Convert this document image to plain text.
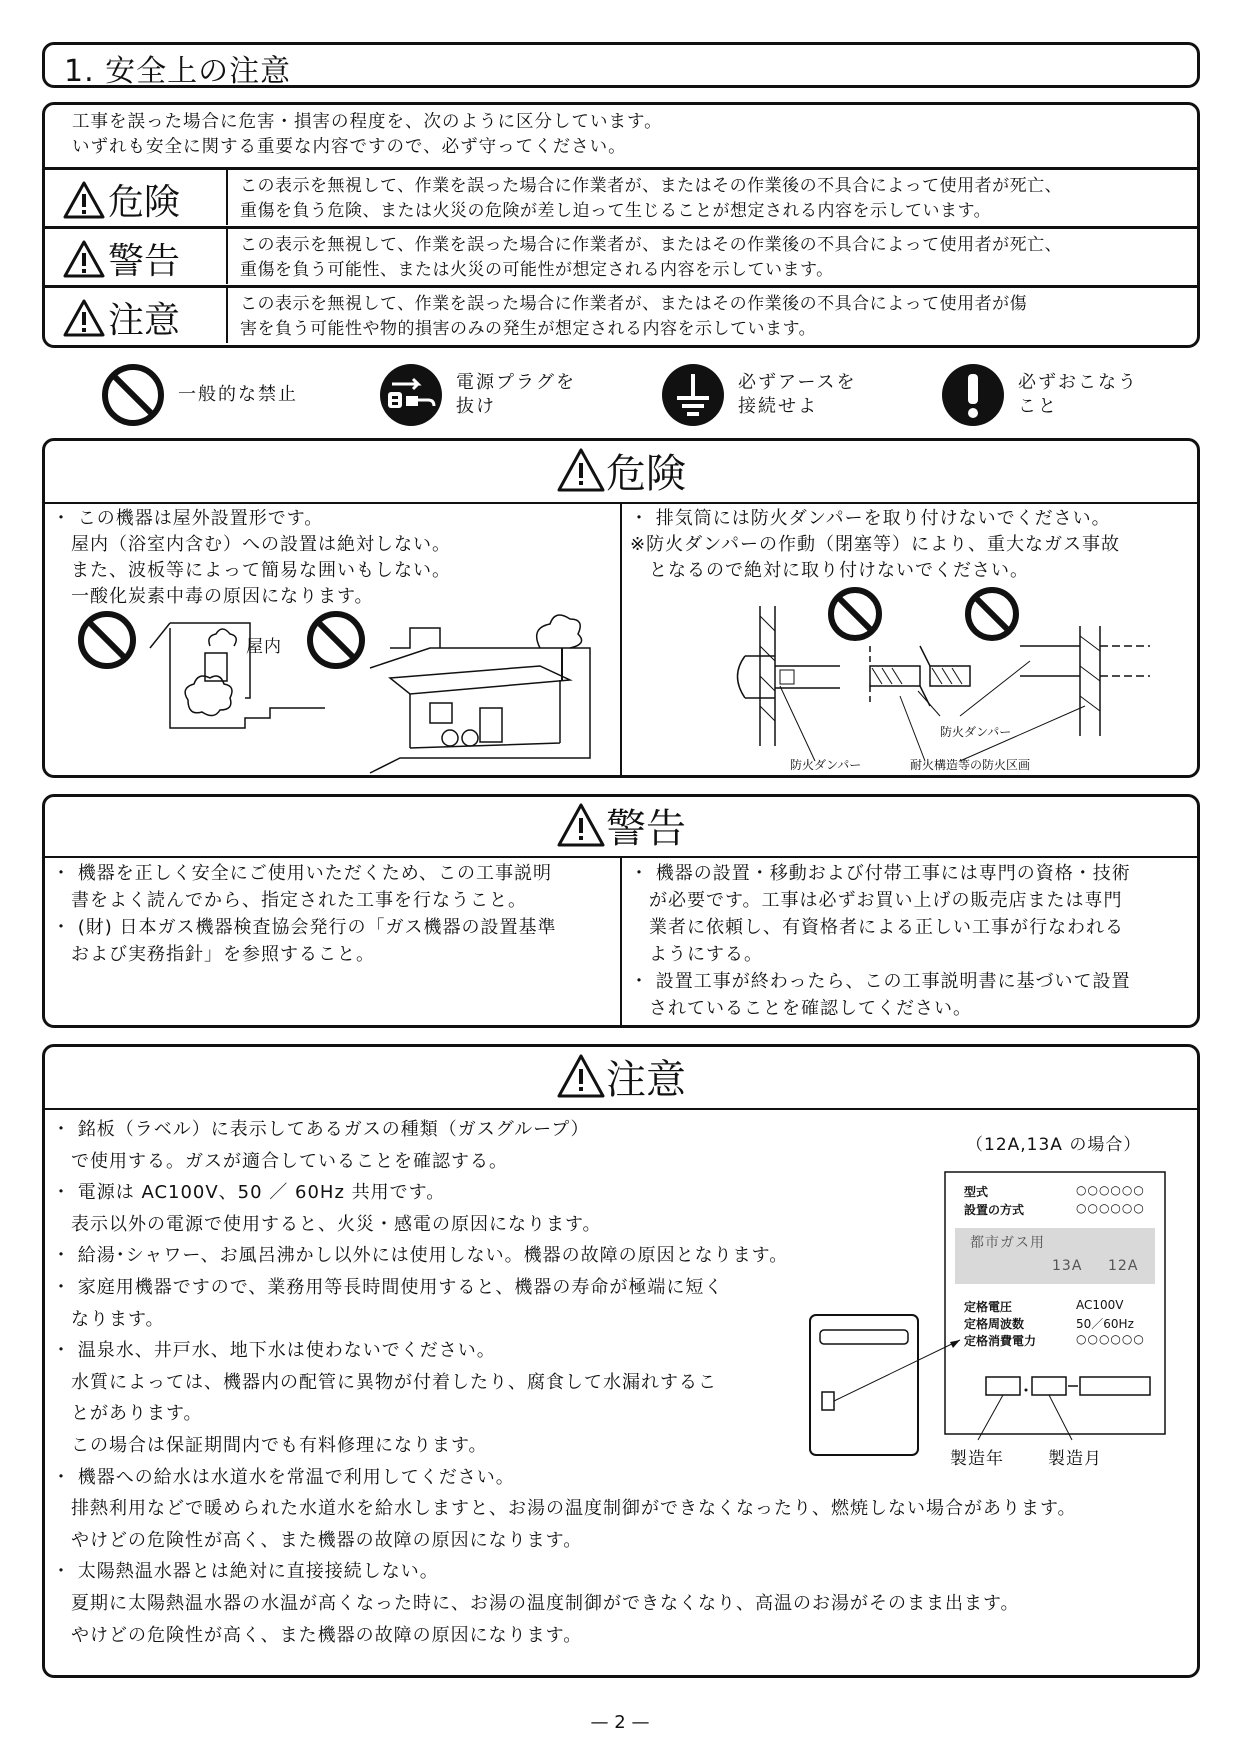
1. 安全上の注意
工事を誤った場合に危害・損害の程度を、次のように区分しています。
いずれも安全に関する重要な内容ですので、必ず守ってください。
危険	この表示を無視して、作業を誤った場合に作業者が、またはその作業後の不具合によって使用者が死亡、
重傷を負う危険、または火災の危険が差し迫って生じることが想定される内容を示しています。
警告	この表示を無視して、作業を誤った場合に作業者が、またはその作業後の不具合によって使用者が死亡、
重傷を負う可能性、または火災の可能性が想定される内容を示しています。
注意	この表示を無視して、作業を誤った場合に作業者が、またはその作業後の不具合によって使用者が傷
害を負う可能性や物的損害のみの発生が想定される内容を示しています。
一般的な禁止
電源プラグを
抜け
必ずアースを
接続せよ
必ずおこなう
こと
危険
・ この機器は屋外設置形です。
　屋内（浴室内含む）への設置は絶対しない。
　また、波板等によって簡易な囲いもしない。
　一酸化炭素中毒の原因になります。
・ 排気筒には防火ダンパーを取り付けないでください。
※防火ダンパーの作動（閉塞等）により、重大なガス事故
　となるので絶対に取り付けないでください。
屋内
防火ダンパー
防火ダンパー	耐火構造等の防火区画
警告
・ 機器を正しく安全にご使用いただくため、この工事説明
　書をよく読んでから、指定された工事を行なうこと。
・ (財) 日本ガス機器検査協会発行の「ガス機器の設置基準
　および実務指針」を参照すること。
・ 機器の設置・移動および付帯工事には専門の資格・技術
　が必要です。工事は必ずお買い上げの販売店または専門
　業者に依頼し、有資格者による正しい工事が行なわれる
　ようにする。
・ 設置工事が終わったら、この工事説明書に基づいて設置
　されていることを確認してください。
注意
・ 銘板（ラベル）に表示してあるガスの種類（ガスグループ）
　で使用する。ガスが適合していることを確認する。
・ 電源は AC100V、50 ／ 60Hz 共用です。
　表示以外の電源で使用すると、火災・感電の原因になります。
・ 給湯･シャワー、お風呂沸かし以外には使用しない。機器の故障の原因となります。
・ 家庭用機器ですので、業務用等長時間使用すると、機器の寿命が極端に短く
　なります。
・ 温泉水、井戸水、地下水は使わないでください。
　水質によっては、機器内の配管に異物が付着したり、腐食して水漏れするこ
　とがあります。
　この場合は保証期間内でも有料修理になります。
・ 機器への給水は水道水を常温で利用してください。
　排熱利用などで暖められた水道水を給水しますと、お湯の温度制御ができなくなったり、燃焼しない場合があります。
　やけどの危険性が高く、また機器の故障の原因になります。
・ 太陽熱温水器とは絶対に直接接続しない。
　夏期に太陽熱温水器の水温が高くなった時に、お湯の温度制御ができなくなり、高温のお湯がそのまま出ます。
　やけどの危険性が高く、また機器の故障の原因になります。
（12A,13A の場合）
型式	○○○○○○
設置の方式	○○○○○○
都市ガス用
13A 12A
定格電圧	AC100V
定格周波数	50／60Hz
定格消費電力	○○○○○○
製造年	製造月
— 2 —
